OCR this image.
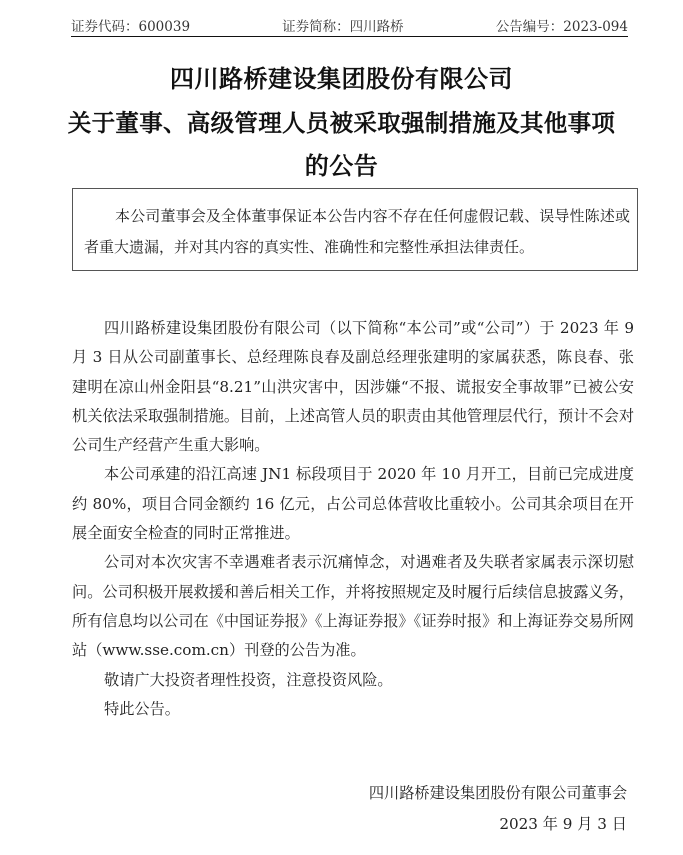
证券代码：600039	证券简称：四川路桥	公告编号：2023-094
四川路桥建设集团股份有限公司
关于董事、高级管理人员被采取强制措施及其他事项
的公告
本公司董事会及全体董事保证本公告内容不存在任何虚假记载、误导性陈述或者重大遗漏，并对其内容的真实性、准确性和完整性承担法律责任。

四川路桥建设集团股份有限公司（以下简称“本公司”或“公司”）于 2023 年 9 月 3 日从公司副董事长、总经理陈良春及副总经理张建明的家属获悉，陈良春、张建明在凉山州金阳县“8.21”山洪灾害中，因涉嫌“不报、谎报安全事故罪”已被公安机关依法采取强制措施。目前，上述高管人员的职责由其他管理层代行，预计不会对公司生产经营产生重大影响。

本公司承建的沿江高速 JN1 标段项目于 2020 年 10 月开工，目前已完成进度约 80%，项目合同金额约 16 亿元，占公司总体营收比重较小。公司其余项目在开展全面安全检查的同时正常推进。

公司对本次灾害不幸遇难者表示沉痛悼念，对遇难者及失联者家属表示深切慰问。公司积极开展救援和善后相关工作，并将按照规定及时履行后续信息披露义务，所有信息均以公司在《中国证券报》《上海证券报》《证券时报》和上海证券交易所网站（www.sse.com.cn）刊登的公告为准。

敬请广大投资者理性投资，注意投资风险。

特此公告。

四川路桥建设集团股份有限公司董事会
2023 年 9 月 3 日
